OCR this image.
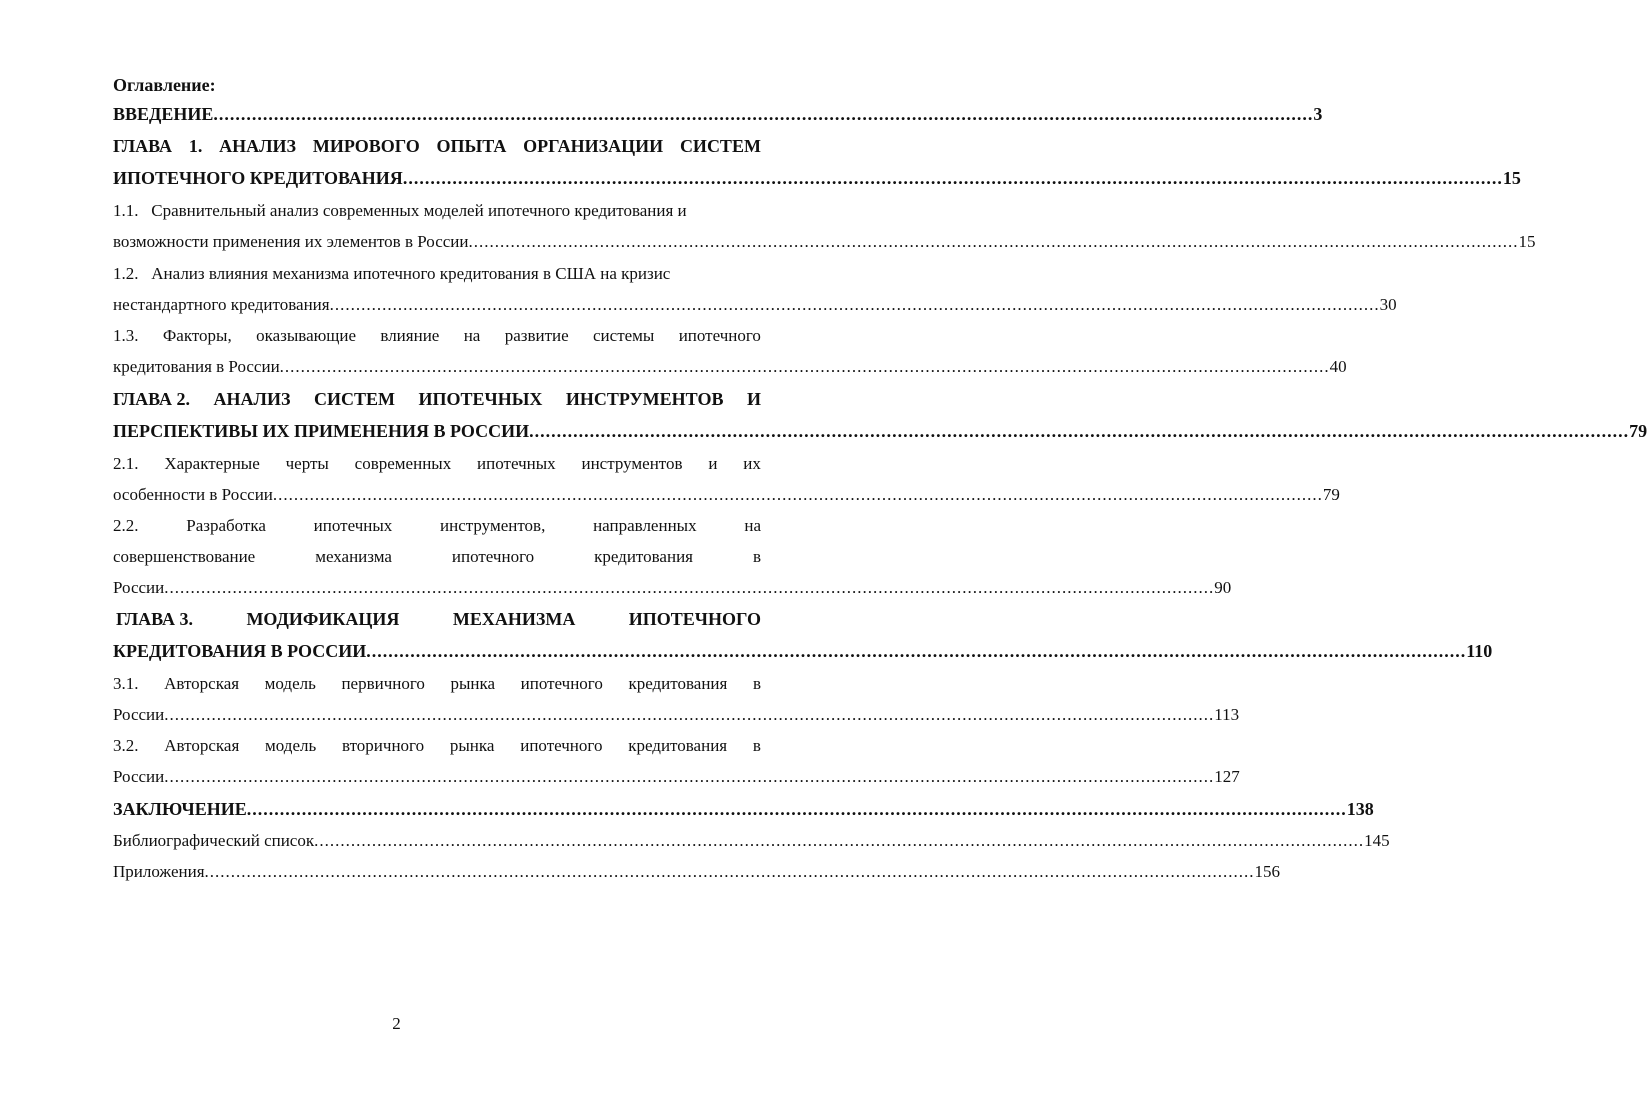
Оглавление:
ВВЕДЕНИЕ ........................................................................................................................................................................................................ 3
ГЛАВА 1. АНАЛИЗ МИРОВОГО ОПЫТА ОРГАНИЗАЦИИ СИСТЕМ
ИПОТЕЧНОГО КРЕДИТОВАНИЯ ........................................................................................................................................................................................................ 15
1.1.   Сравнительный анализ современных моделей ипотечного кредитования и
возможности применения их элементов в России ........................................................................................................................................................................................................ 15
1.2.   Анализ влияния механизма ипотечного кредитования в США на кризис
нестандартного кредитования ........................................................................................................................................................................................................ 30
1.3. Факторы, оказывающие влияние на развитие системы ипотечного
кредитования в России ........................................................................................................................................................................................................ 40
ГЛАВА 2. АНАЛИЗ СИСТЕМ ИПОТЕЧНЫХ ИНСТРУМЕНТОВ И
ПЕРСПЕКТИВЫ ИХ ПРИМЕНЕНИЯ В РОССИИ ........................................................................................................................................................................................................ 79
2.1. Характерные черты современных ипотечных инструментов и их
особенности в России ........................................................................................................................................................................................................ 79
2.2.	Разработка	ипотечных	инструментов,	направленных	на
совершенствование	механизма	ипотечного	кредитования	в
России ........................................................................................................................................................................................................ 90
ГЛАВА 3.	МОДИФИКАЦИЯ	МЕХАНИЗМА	ИПОТЕЧНОГО
КРЕДИТОВАНИЯ В РОССИИ ........................................................................................................................................................................................................ 110
3.1. Авторская модель первичного рынка ипотечного кредитования в
России ........................................................................................................................................................................................................ 113
3.2. Авторская модель вторичного рынка ипотечного кредитования в
России ........................................................................................................................................................................................................ 127
ЗАКЛЮЧЕНИЕ ........................................................................................................................................................................................................ 138
Библиографический список ........................................................................................................................................................................................................ 145
Приложения ........................................................................................................................................................................................................ 156
2
